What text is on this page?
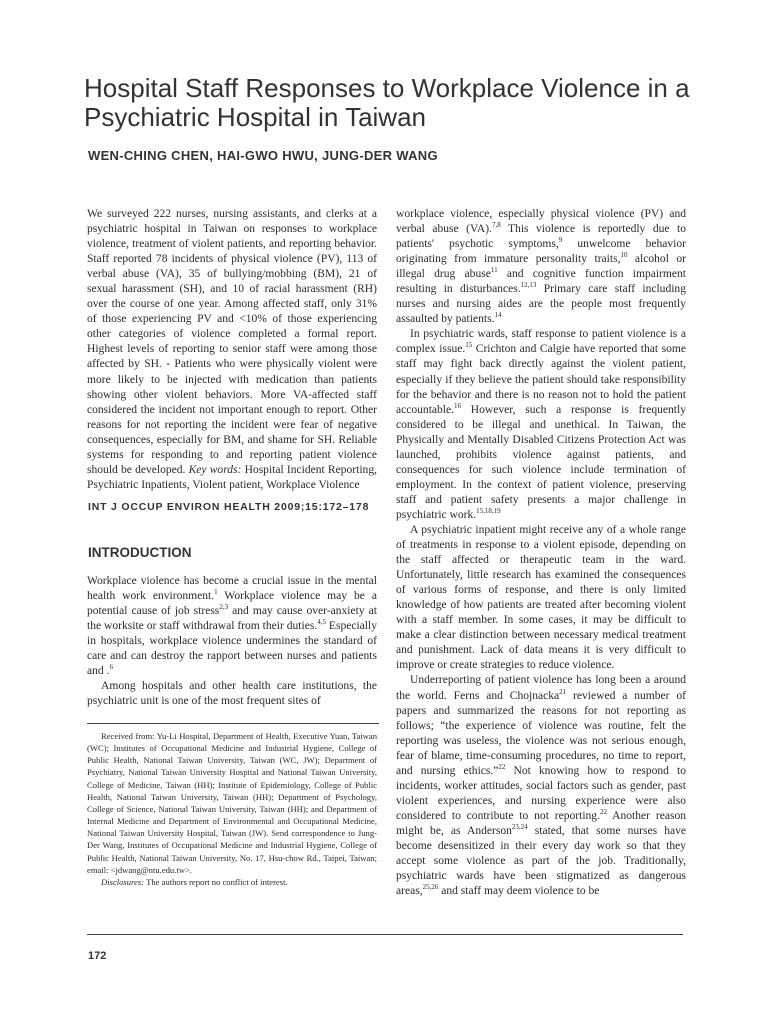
Hospital Staff Responses to Workplace Violence in a Psychiatric Hospital in Taiwan
WEN-CHING CHEN, HAI-GWO HWU, JUNG-DER WANG

We surveyed 222 nurses, nursing assistants, and clerks at a psychiatric hospital in Taiwan on responses to workplace violence, treatment of violent patients, and reporting behavior. Staff reported 78 incidents of physical violence (PV), 113 of verbal abuse (VA), 35 of bullying/mobbing (BM), 21 of sexual harassment (SH), and 10 of racial harassment (RH) over the course of one year. Among affected staff, only 31% of those experiencing PV and <10% of those experiencing other categories of violence completed a formal report. Highest levels of reporting to senior staff were among those affected by SH. - Patients who were physically violent were more likely to be injected with medication than patients showing other violent behaviors. More VA-affected staff considered the incident not important enough to report. Other reasons for not reporting the incident were fear of negative consequences, especially for BM, and shame for SH. Reliable systems for responding to and reporting patient violence should be developed. Key words: Hospital Incident Reporting, Psychiatric Inpatients, Violent patient, Workplace Violence

INT J OCCUP ENVIRON HEALTH 2009;15:172–178
INTRODUCTION

Workplace violence has become a crucial issue in the mental health work environment.$^1$ Workplace violence may be a potential cause of job stress$^{2,3}$ and may cause over-anxiety at the worksite or staff withdrawal from their duties.$^{4,5}$ Especially in hospitals, workplace violence undermines the standard of care and can destroy the rapport between nurses and patients and .$^6$

Among hospitals and other health care institutions, the psychiatric unit is one of the most frequent sites of

Received from: Yu-Li Hospital, Department of Health, Executive Yuan, Taiwan (WC); Institutes of Occupational Medicine and Industrial Hygiene, College of Public Health, National Taiwan University, Taiwan (WC, JW); Department of Psychiatry, National Taiwan University Hospital and National Taiwan University, College of Medicine, Taiwan (HH); Institute of Epidemiology, College of Public Health, National Taiwan University, Taiwan (HH); Department of Psychology, College of Science, National Taiwan University, Taiwan (HH); and Department of Internal Medicine and Department of Environmental and Occupational Medicine, National Taiwan University Hospital, Taiwan (JW). Send correspondence to Jung-Der Wang, Institutes of Occupational Medicine and Industrial Hygiene, College of Public Health, National Taiwan University, No. 17, Hsu-chow Rd., Taipei, Taiwan; email: <jdwang@ntu.edu.tw>.

Disclosures: The authors report no conflict of interest.

workplace violence, especially physical violence (PV) and verbal abuse (VA).$^{7,8}$ This violence is reportedly due to patients' psychotic symptoms,$^9$ unwelcome behavior originating from immature personality traits,$^{10}$ alcohol or illegal drug abuse$^{11}$ and cognitive function impairment resulting in disturbances.$^{12,13}$ Primary care staff including nurses and nursing aides are the people most frequently assaulted by patients.$^{14}$

In psychiatric wards, staff response to patient violence is a complex issue.$^{15}$ Crichton and Calgie have reported that some staff may fight back directly against the violent patient, especially if they believe the patient should take responsibility for the behavior and there is no reason not to hold the patient accountable.$^{16}$ However, such a response is frequently considered to be illegal and unethical. In Taiwan, the Physically and Mentally Disabled Citizens Protection Act was launched, prohibits violence against patients, and consequences for such violence include termination of employment. In the context of patient violence, preserving staff and patient safety presents a major challenge in psychiatric work.$^{15,18,19}$

A psychiatric inpatient might receive any of a whole range of treatments in response to a violent episode, depending on the staff affected or therapeutic team in the ward. Unfortunately, little research has examined the consequences of various forms of response, and there is only limited knowledge of how patients are treated after becoming violent with a staff member. In some cases, it may be difficult to make a clear distinction between necessary medical treatment and punishment. Lack of data means it is very difficult to improve or create strategies to reduce violence.

Underreporting of patient violence has long been a around the world. Ferns and Chojnacka$^{21}$ reviewed a number of papers and summarized the reasons for not reporting as follows; “the experience of violence was routine, felt the reporting was useless, the violence was not serious enough, fear of blame, time-consuming procedures, no time to report, and nursing ethics.”$^{22}$ Not knowing how to respond to incidents, worker attitudes, social factors such as gender, past violent experiences, and nursing experience were also considered to contribute to not reporting.$^{22}$ Another reason might be, as Anderson$^{23,24}$ stated, that some nurses have become desensitized in their every day work so that they accept some violence as part of the job. Traditionally, psychiatric wards have been stigmatized as dangerous areas,$^{25,26}$ and staff may deem violence to be

172
